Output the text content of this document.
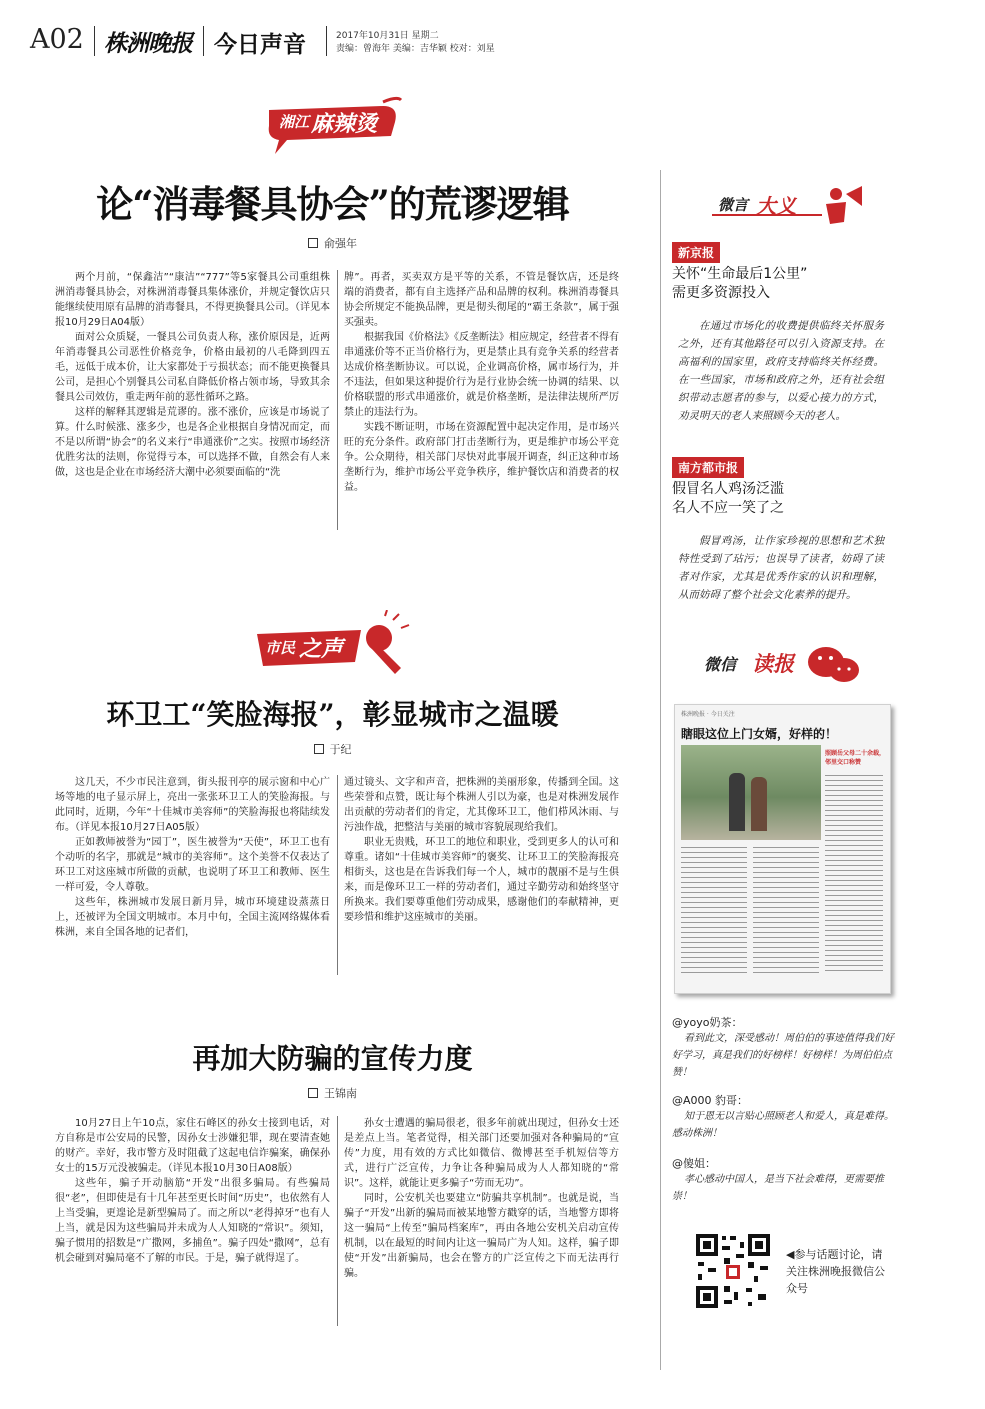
A02 株洲晚报 今日声音	2017年10月31日 星期二
责编：曾海年 美编：吉华颖 校对：刘星
湘江 麻辣烫
论“消毒餐具协会”的荒谬逻辑
俞强年

两个月前，“保鑫洁”“康洁”“777”等5家餐具公司重组株洲消毒餐具协会，对株洲消毒餐具集体涨价，并规定餐饮店只能继续使用原有品牌的消毒餐具，不得更换餐具公司。（详见本报10月29日A04版）

面对公众质疑，一餐具公司负责人称，涨价原因是，近两年消毒餐具公司恶性价格竞争，价格由最初的八毛降到四五毛，远低于成本价，让大家都处于亏损状态；而不能更换餐具公司，是担心个别餐具公司私自降低价格占领市场，导致其余餐具公司效仿，重走两年前的恶性循环之路。

这样的解释其逻辑是荒谬的。涨不涨价，应该是市场说了算。什么时候涨、涨多少，也是各企业根据自身情况而定，而不是以所谓“协会”的名义来行“串通涨价”之实。按照市场经济优胜劣汰的法则，你觉得亏本，可以选择不做，自然会有人来做，这也是企业在市场经济大潮中必须要面临的“洗

牌”。再者，买卖双方是平等的关系，不管是餐饮店，还是终端的消费者，都有自主选择产品和品牌的权利。株洲消毒餐具协会所规定不能换品牌，更是彻头彻尾的“霸王条款”，属于强买强卖。

根据我国《价格法》《反垄断法》相应规定，经营者不得有串通涨价等不正当价格行为，更是禁止具有竞争关系的经营者达成价格垄断协议。可以说，企业调高价格，属市场行为，并不违法，但如果这种提价行为是行业协会统一协调的结果、以价格联盟的形式串通涨价，就是价格垄断，是法律法规所严厉禁止的违法行为。

实践不断证明，市场在资源配置中起决定作用，是市场兴旺的充分条件。政府部门打击垄断行为，更是维护市场公平竞争。公众期待，相关部门尽快对此事展开调查，纠正这种市场垄断行为，维护市场公平竞争秩序，维护餐饮店和消费者的权益。

市民 之声
环卫工“笑脸海报”，彰显城市之温暖
于纪

这几天，不少市民注意到，街头报刊亭的展示窗和中心广场等地的电子显示屏上，亮出一张张环卫工人的笑脸海报。与此同时，近期，今年“十佳城市美容师”的笑脸海报也将陆续发布。（详见本报10月27日A05版）

正如教师被誉为“园丁”，医生被誉为“天使”，环卫工也有个动听的名字，那就是“城市的美容师”。这个美誉不仅表达了环卫工对这座城市所做的贡献，也说明了环卫工和教师、医生一样可爱，令人尊敬。

这些年，株洲城市发展日新月异，城市环境建设蒸蒸日上，还被评为全国文明城市。本月中旬，全国主流网络媒体看株洲，来自全国各地的记者们，

通过镜头、文字和声音，把株洲的美丽形象，传播到全国。这些荣誉和点赞，既让每个株洲人引以为豪，也是对株洲发展作出贡献的劳动者们的肯定，尤其像环卫工，他们栉风沐雨、与污浊作战，把整洁与美丽的城市容貌展现给我们。

职业无贵贱，环卫工的地位和职业，受到更多人的认可和尊重。诸如“十佳城市美容师”的褒奖、让环卫工的笑脸海报亮相街头，这也是在告诉我们每一个人，城市的靓丽不是与生俱来，而是像环卫工一样的劳动者们，通过辛勤劳动和始终坚守所换来。我们要尊重他们劳动成果，感谢他们的奉献精神，更要珍惜和维护这座城市的美丽。

再加大防骗的宣传力度
王锦南

10月27日上午10点，家住石峰区的孙女士接到电话，对方自称是市公安局的民警，因孙女士涉嫌犯罪，现在要清查她的财产。幸好，我市警方及时阻截了这起电信诈骗案，确保孙女士的15万元没被骗走。（详见本报10月30日A08版）

这些年，骗子开动脑筋“开发”出很多骗局。有些骗局很“老”，但即使是有十几年甚至更长时间“历史”，也依然有人上当受骗，更遑论是新型骗局了。而之所以“老得掉牙”也有人上当，就是因为这些骗局并未成为人人知晓的“常识”。须知，骗子惯用的招数是“广撒网，多捕鱼”。骗子四处“撒网”，总有机会碰到对骗局毫不了解的市民。于是，骗子就得逞了。

孙女士遭遇的骗局很老，很多年前就出现过，但孙女士还是差点上当。笔者觉得，相关部门还要加强对各种骗局的“宣传”力度，用有效的方式比如微信、微博甚至手机短信等方式，进行广泛宣传，力争让各种骗局成为人人都知晓的“常识”。这样，就能让更多骗子“劳而无功”。

同时，公安机关也要建立“防骗共享机制”。也就是说，当骗子“开发”出新的骗局而被某地警方戳穿的话，当地警方即将这一骗局“上传至”骗局档案库”，再由各地公安机关启动宣传机制，以在最短的时间内让这一骗局广为人知。这样，骗子即使“开发”出新骗局，也会在警方的广泛宣传之下而无法再行骗。

微言 大义
新京报
关怀“生命最后1公里”
需更多资源投入
在通过市场化的收费提供临终关怀服务之外，还有其他路径可以引入资源支持。在高福利的国家里，政府支持临终关怀经费。在一些国家，市场和政府之外，还有社会组织带动志愿者的参与，以爱心接力的方式，劝灵明天的老人来照顾今天的老人。
南方都市报
假冒名人鸡汤泛滥
名人不应一笑了之
假冒鸡汤，让作家珍视的思想和艺术独特性受到了玷污；也误导了读者，妨碍了读者对作家，尤其是优秀作家的认识和理解，从而妨碍了整个社会文化素养的提升。
微信 读报
株洲晚报 · 今日关注
瞎眼这位上门女婿，好样的！
照顾岳父母二十余载，邻里交口称赞
@yoyo奶茶：
看到此文，深受感动！周伯伯的事迹值得我们好好学习，真是我们的好榜样！好榜样！为周伯伯点赞！
@A000 豹哥：
知于恩无以言贴心照顾老人和爱人，真是难得。感动株洲！
@傻姐：
孝心感动中国人，是当下社会难得，更需要推崇！
◀参与话题讨论，请关注株洲晚报微信公众号
